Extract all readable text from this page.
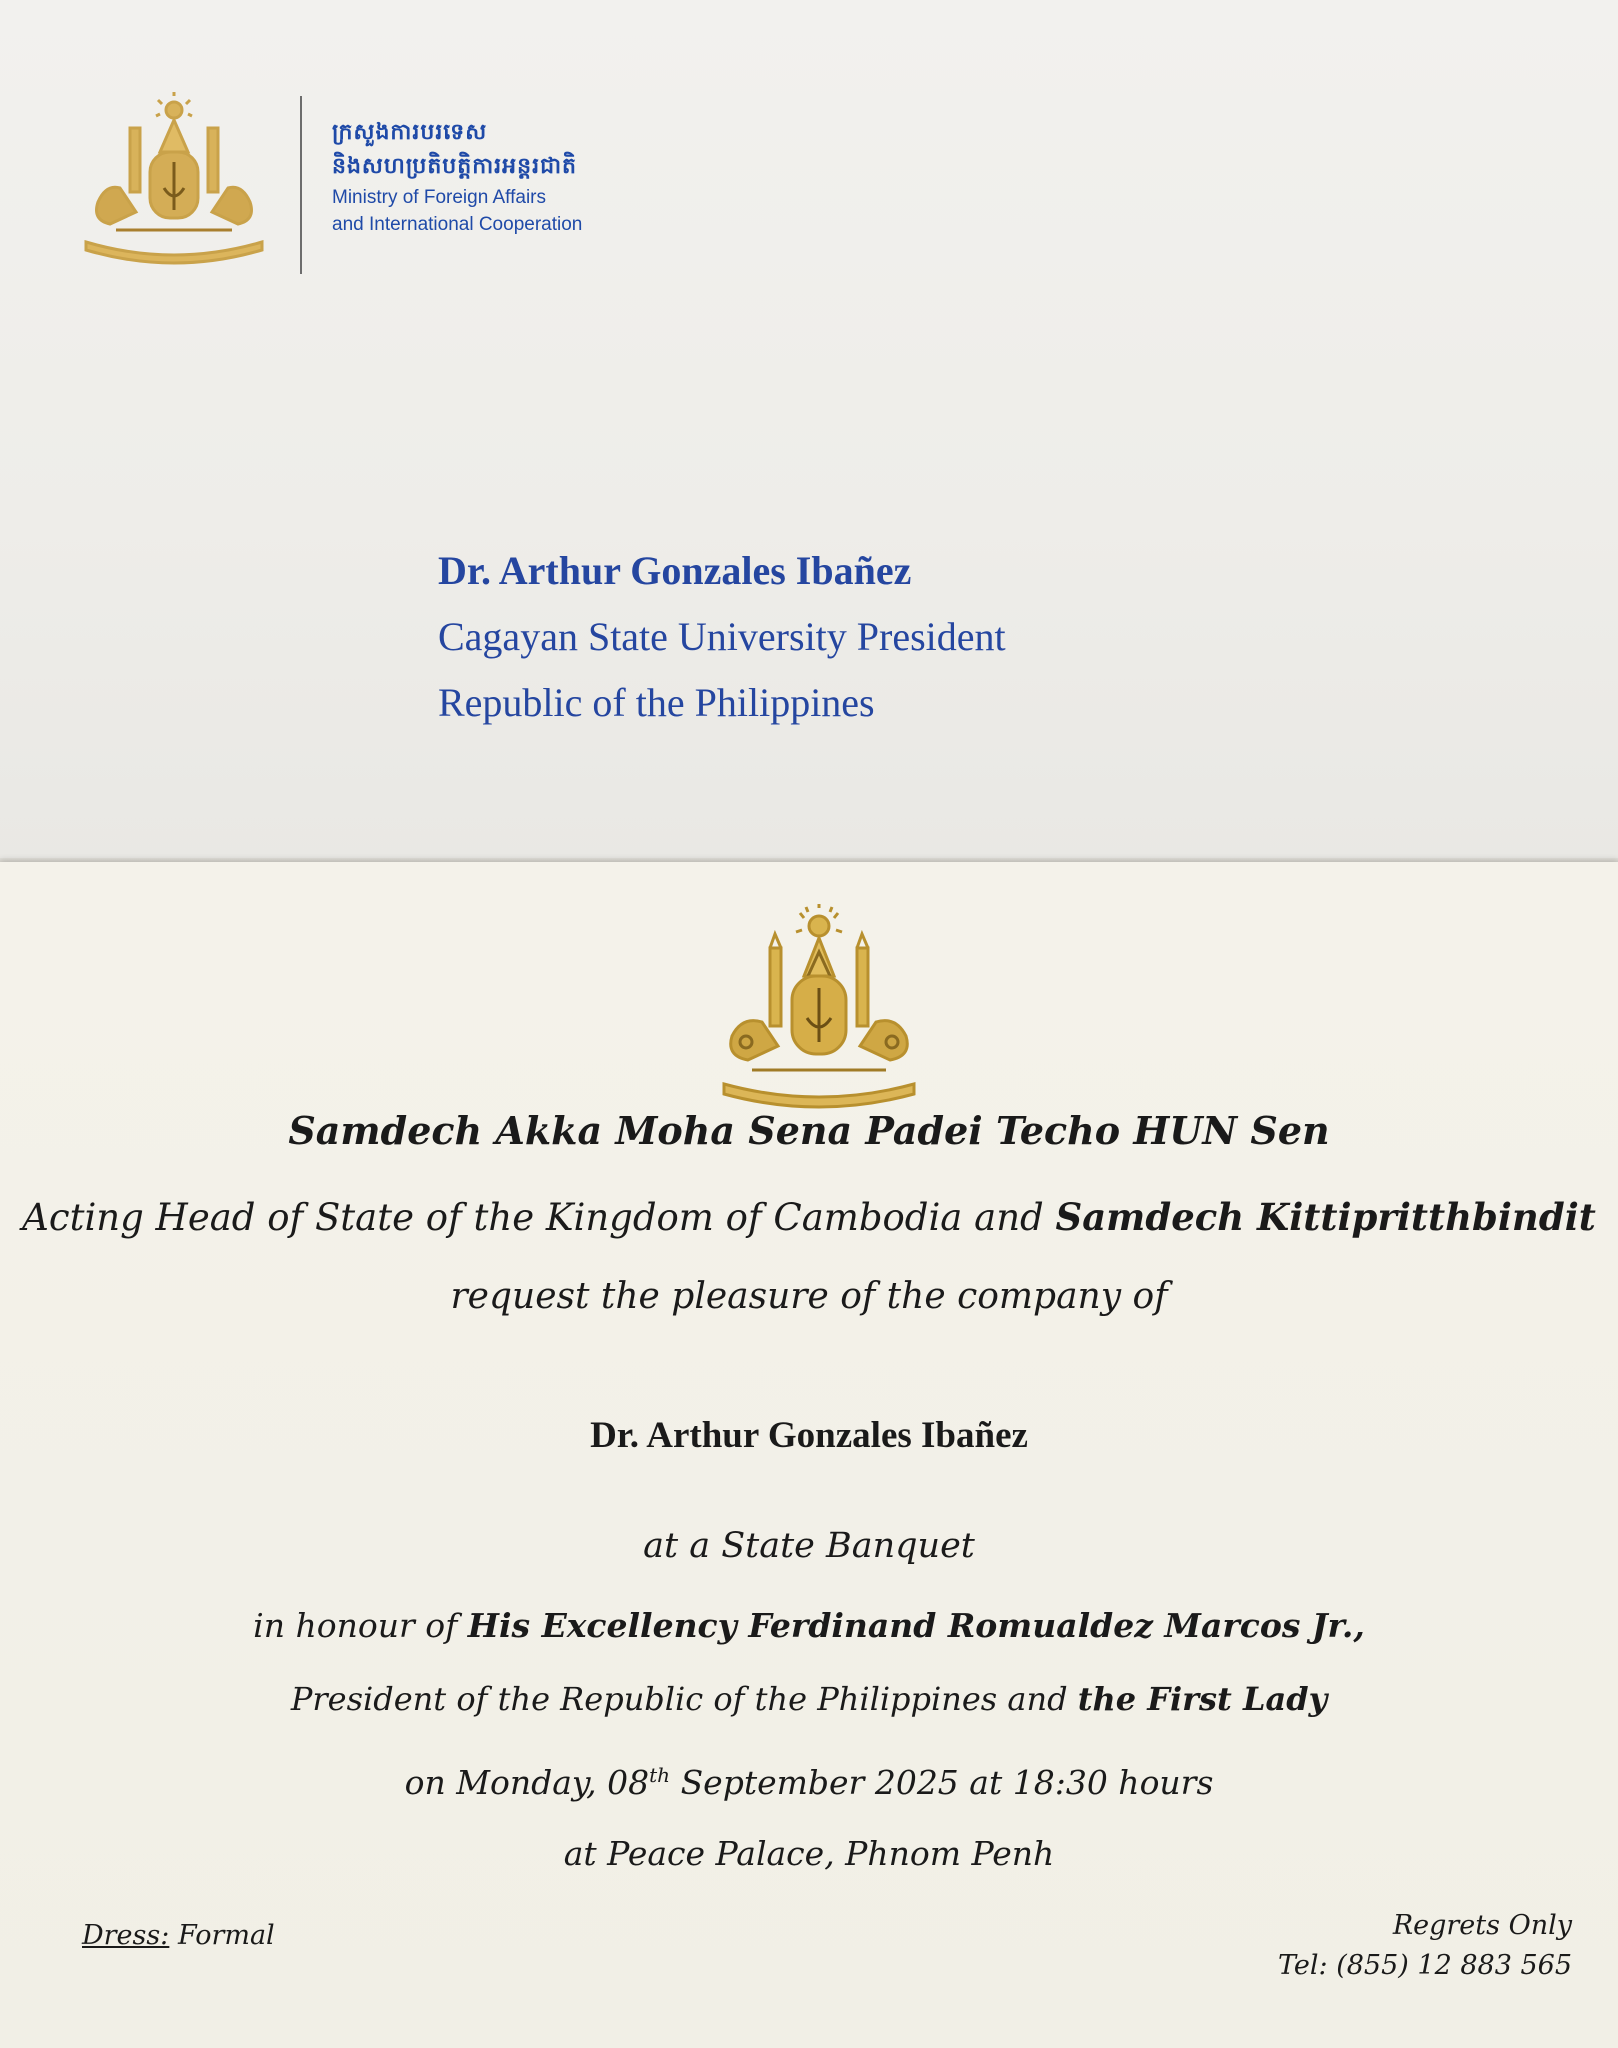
ក្រសួងការបរទេស
និងសហប្រតិបត្តិការអន្តរជាតិ
Ministry of Foreign Affairs
and International Cooperation
Dr. Arthur Gonzales Ibañez
Cagayan State University President
Republic of the Philippines
Samdech Akka Moha Sena Padei Techo HUN Sen
Acting Head of State of the Kingdom of Cambodia and Samdech Kittipritthbindit
request the pleasure of the company of
Dr. Arthur Gonzales Ibañez
at a State Banquet
in honour of His Excellency Ferdinand Romualdez Marcos Jr.,
President of the Republic of the Philippines and the First Lady
on Monday, 08th September 2025 at 18:30 hours
at Peace Palace, Phnom Penh
Dress: Formal	Regrets Only
Tel: (855) 12 883 565
